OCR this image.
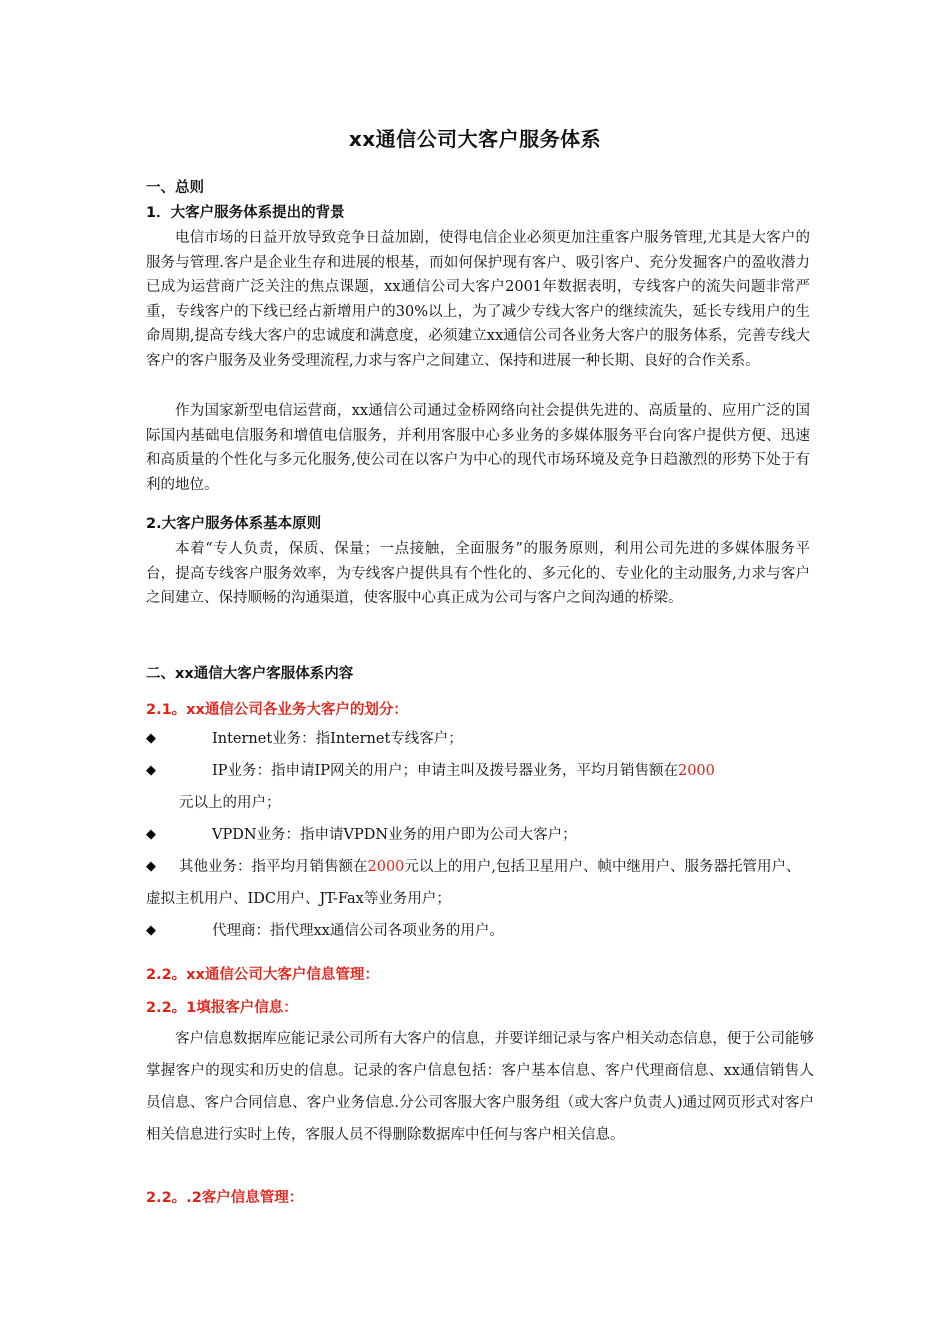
xx通信公司大客户服务体系
一、总则
1．大客户服务体系提出的背景
电信市场的日益开放导致竞争日益加剧，使得电信企业必须更加注重客户服务管理,尤其是大客户的服务与管理.客户是企业生存和进展的根基，而如何保护现有客户、吸引客户、充分发掘客户的盈收潜力已成为运营商广泛关注的焦点课题，xx通信公司大客户2001年数据表明，专线客户的流失问题非常严重，专线客户的下线已经占新增用户的30%以上，为了减少专线大客户的继续流失，延长专线用户的生命周期,提高专线大客户的忠诚度和满意度，必须建立xx通信公司各业务大客户的服务体系，完善专线大客户的客户服务及业务受理流程,力求与客户之间建立、保持和进展一种长期、良好的合作关系。
作为国家新型电信运营商，xx通信公司通过金桥网络向社会提供先进的、高质量的、应用广泛的国际国内基础电信服务和增值电信服务，并利用客服中心多业务的多媒体服务平台向客户提供方便、迅速和高质量的个性化与多元化服务,使公司在以客户为中心的现代市场环境及竞争日趋激烈的形势下处于有利的地位。
2.大客户服务体系基本原则
本着“专人负责，保质、保量；一点接触，全面服务”的服务原则，利用公司先进的多媒体服务平台，提高专线客户服务效率，为专线客户提供具有个性化的、多元化的、专业化的主动服务,力求与客户之间建立、保持顺畅的沟通渠道，使客服中心真正成为公司与客户之间沟通的桥梁。
二、xx通信大客户客服体系内容
2.1。xx通信公司各业务大客户的划分：
◆	Internet业务：指Internet专线客户；
◆	IP业务：指申请IP网关的用户；申请主叫及拨号器业务，平均月销售额在2000
元以上的用户；
◆	VPDN业务：指申请VPDN业务的用户即为公司大客户；
◆	其他业务：指平均月销售额在2000元以上的用户,包括卫星用户、帧中继用户、服务器托管用户、虚拟主机用户、IDC用户、JT-Fax等业务用户；
◆	代理商：指代理xx通信公司各项业务的用户。
2.2。xx通信公司大客户信息管理：
2.2。1填报客户信息：
客户信息数据库应能记录公司所有大客户的信息，并要详细记录与客户相关动态信息，便于公司能够掌握客户的现实和历史的信息。记录的客户信息包括：客户基本信息、客户代理商信息、xx通信销售人员信息、客户合同信息、客户业务信息.分公司客服大客户服务组（或大客户负责人)通过网页形式对客户相关信息进行实时上传，客服人员不得删除数据库中任何与客户相关信息。
2.2。.2客户信息管理：
